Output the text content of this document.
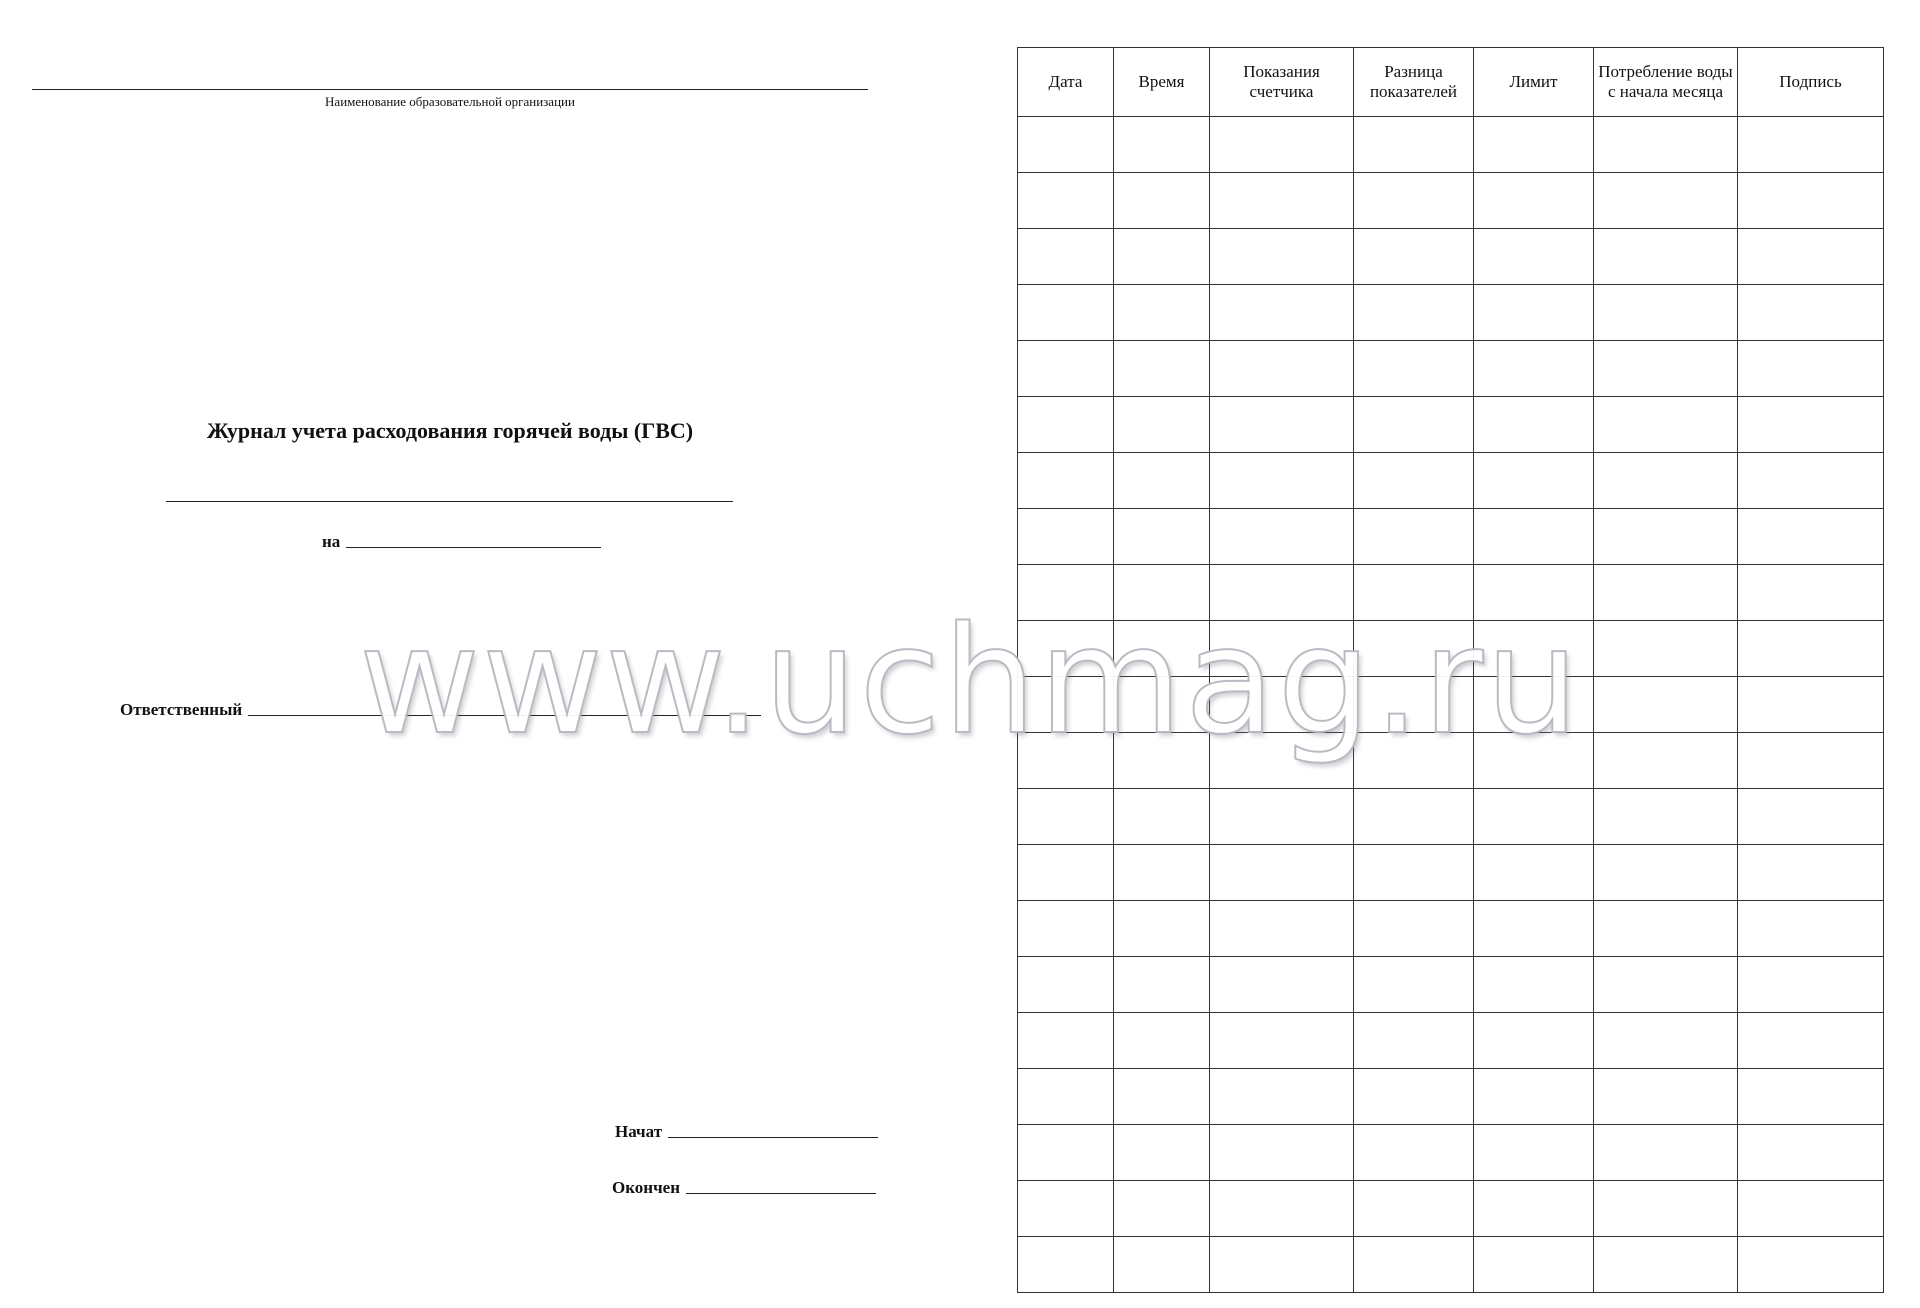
Наименование образовательной организации
Журнал учета расходования горячей воды (ГВС)
на
Ответственный
Начат
Окончен
Дата	Время	Показания счетчика	Разница показателей	Лимит	Потребление воды с начала месяца	Подпись

www.uchmag.ru
